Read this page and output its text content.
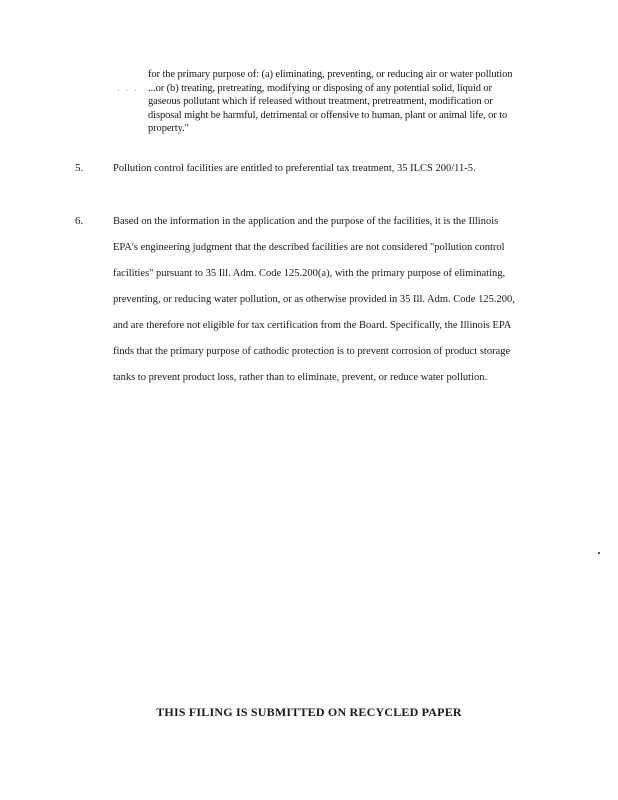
· · ·
for the primary purpose of: (a) eliminating, preventing, or reducing air or water pollution
...or (b) treating, pretreating, modifying or disposing of any potential solid, liquid or
gaseous pollutant which if released without treatment, pretreatment, modification or
disposal might be harmful, detrimental or offensive to human, plant or animal life, or to
property."
5.	Pollution control facilities are entitled to preferential tax treatment, 35 ILCS 200/11-5.
6.	Based on the information in the application and the purpose of the facilities, it is the Illinois
EPA's engineering judgment that the described facilities are not considered "pollution control
facilities" pursuant to 35 Ill. Adm. Code 125.200(a), with the primary purpose of eliminating,
preventing, or reducing water pollution, or as otherwise provided in 35 Ill. Adm. Code 125.200,
and are therefore not eligible for tax certification from the Board. Specifically, the Illinois EPA
finds that the primary purpose of cathodic protection is to prevent corrosion of product storage
tanks to prevent product loss, rather than to eliminate, prevent, or reduce water pollution.
THIS FILING IS SUBMITTED ON RECYCLED PAPER
